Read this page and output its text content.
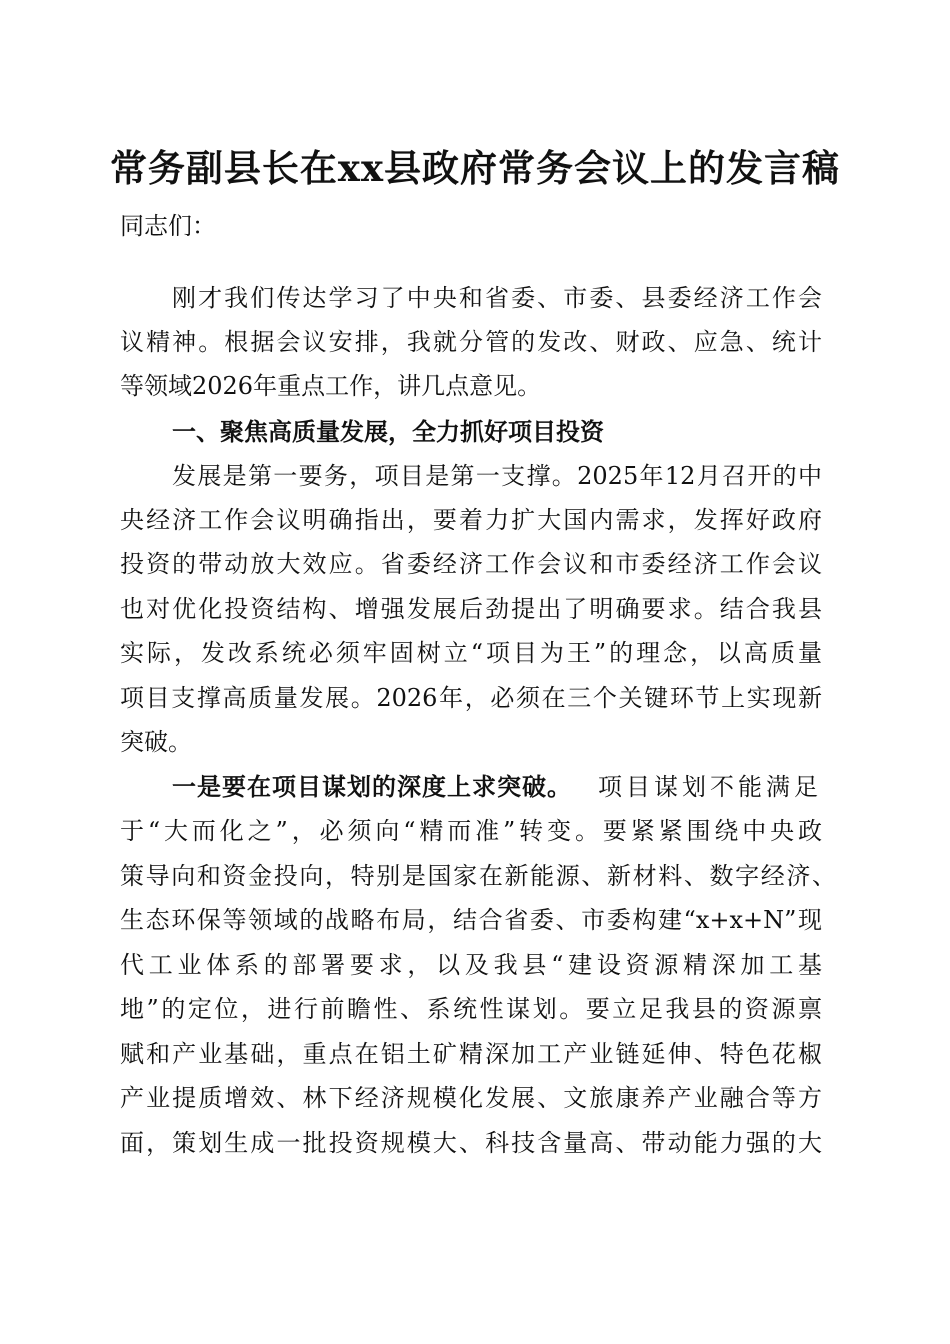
常务副县长在xx县政府常务会议上的发言稿
同志们：
刚才我们传达学习了中央和省委、市委、县委经济工作会
议精神。根据会议安排，我就分管的发改、财政、应急、统计
等领域2026年重点工作，讲几点意见。
一、聚焦高质量发展，全力抓好项目投资
发展是第一要务，项目是第一支撑。2025年12月召开的中
央经济工作会议明确指出，要着力扩大国内需求，发挥好政府
投资的带动放大效应。省委经济工作会议和市委经济工作会议
也对优化投资结构、增强发展后劲提出了明确要求。结合我县
实际，发改系统必须牢固树立“项目为王”的理念，以高质量
项目支撑高质量发展。2026年，必须在三个关键环节上实现新
突破。
一是要在项目谋划的深度上求突破。 项目谋划不能满足
于“大而化之”，必须向“精而准”转变。要紧紧围绕中央政
策导向和资金投向，特别是国家在新能源、新材料、数字经济、
生态环保等领域的战略布局，结合省委、市委构建“x+x+N”现
代工业体系的部署要求，以及我县“建设资源精深加工基
地”的定位，进行前瞻性、系统性谋划。要立足我县的资源禀
赋和产业基础，重点在铝土矿精深加工产业链延伸、特色花椒
产业提质增效、林下经济规模化发展、文旅康养产业融合等方
面，策划生成一批投资规模大、科技含量高、带动能力强的大
